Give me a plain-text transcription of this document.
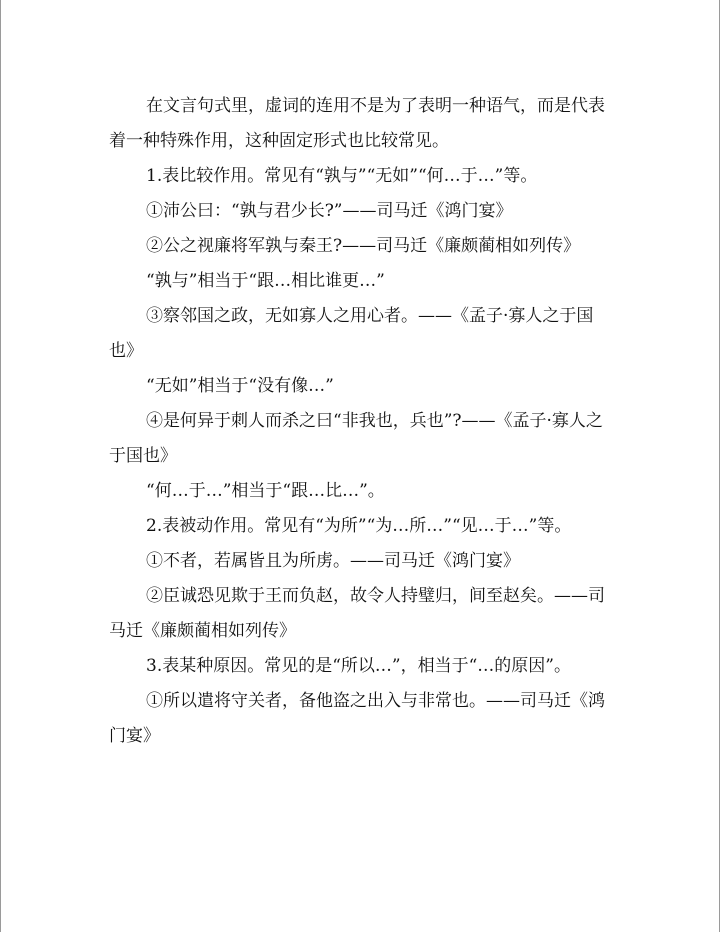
在文言句式里，虚词的连用不是为了表明一种语气，而是代表着一种特殊作用，这种固定形式也比较常见。

1.表比较作用。常见有“孰与”“无如”“何…于…”等。

①沛公曰：“孰与君少长?”——司马迁《鸿门宴》

②公之视廉将军孰与秦王?——司马迁《廉颇蔺相如列传》

“孰与”相当于“跟…相比谁更…”

③察邻国之政，无如寡人之用心者。——《孟子·寡人之于国也》

“无如”相当于“没有像…”

④是何异于刺人而杀之曰“非我也，兵也”?——《孟子·寡人之于国也》

“何…于…”相当于“跟…比…”。

2.表被动作用。常见有“为所”“为…所…”“见…于…”等。

①不者，若属皆且为所虏。——司马迁《鸿门宴》

②臣诚恐见欺于王而负赵，故令人持璧归，间至赵矣。——司马迁《廉颇蔺相如列传》

3.表某种原因。常见的是“所以…”，相当于“…的原因”。

①所以遣将守关者，备他盗之出入与非常也。——司马迁《鸿门宴》
